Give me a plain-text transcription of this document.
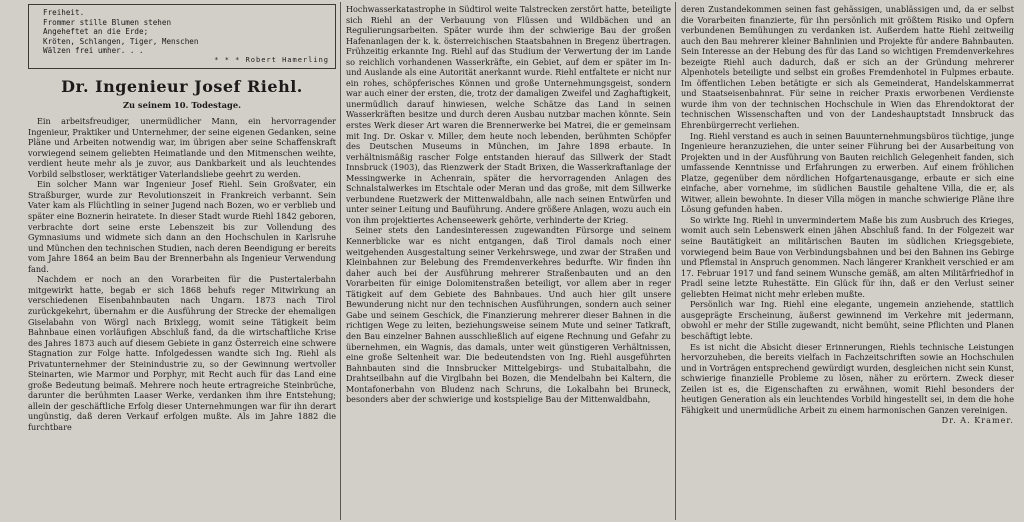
Freiheit.
Frommer stille Blumen stehen
Angeheftet an die Erde;
Kröten, Schlangen, Tiger, Menschen
Wälzen frei umher. . .
* * * Robert Hamerling
Dr. Ingenieur Josef Riehl.
Zu seinem 10. Todestage.

Ein arbeitsfreudiger, unermüdlicher Mann, ein hervorragender Ingenieur, Praktiker und Unternehmer, der seine eigenen Gedanken, seine Pläne und Arbeiten notwendig war, im übrigen aber seine Schaffenskraft vorwiegend seinem geliebten Heimatlande und den Mitmenschen weihte, verdient heute mehr als je zuvor, aus Dankbarkeit und als leuchtendes Vorbild selbstloser, werktätiger Vaterlandsliebe geehrt zu werden.

Ein solcher Mann war Ingenieur Josef Riehl. Sein Großvater, ein Straßburger, wurde zur Revolutionszeit in Frankreich verbannt. Sein Vater kam als Flüchtling in seiner Jugend nach Bozen, wo er verblieb und später eine Boznerin heiratete. In dieser Stadt wurde Riehl 1842 geboren, verbrachte dort seine erste Lebenszeit bis zur Vollendung des Gymnasiums und widmete sich dann an den Hochschulen in Karlsruhe und München den technischen Studien, nach deren Beendigung er bereits vom Jahre 1864 an beim Bau der Brennerbahn als Ingenieur Verwendung fand.

Nachdem er noch an den Vorarbeiten für die Pustertalerbahn mitgewirkt hatte, begab er sich 1868 behufs reger Mitwirkung an verschiedenen Eisenbahnbauten nach Ungarn. 1873 nach Tirol zurückgekehrt, übernahm er die Ausführung der Strecke der ehemaligen Giselabahn von Wörgl nach Brixlegg, womit seine Tätigkeit beim Bahnbaue einen vorläufigen Abschluß fand, da die wirtschaftliche Krise des Jahres 1873 auch auf diesem Gebiete in ganz Österreich eine schwere Stagnation zur Folge hatte. Infolgedessen wandte sich Ing. Riehl als Privatunternehmer der Steinindustrie zu, so der Gewinnung wertvoller Steinarten, wie Marmor und Porphyr, mit Recht auch für das Land eine große Bedeutung beimaß. Mehrere noch heute ertragreiche Steinbrüche, darunter die berühmten Laaser Werke, verdanken ihm ihre Entstehung; allein der geschäftliche Erfolg dieser Unternehmungen war für ihn derart ungünstig, daß deren Verkauf erfolgen mußte. Als im Jahre 1882 die furchtbare

Hochwasserkatastrophe in Südtirol weite Talstrecken zerstört hatte, beteiligte sich Riehl an der Verbauung von Flüssen und Wildbächen und an Regulierungsarbeiten. Später wurde ihm der schwierige Bau der großen Hafenanlagen der k. k. österreichischen Staatsbahnen in Bregenz übertragen. Frühzeitig erkannte Ing. Riehl auf das Studium der Verwertung der im Lande so reichlich vorhandenen Wasserkräfte, ein Gebiet, auf dem er später im In- und Auslande als eine Autorität anerkannt wurde. Riehl entfaltete er nicht nur ein rohes, schöpferisches Können und große Unternehmungsgeist, sondern war auch einer der ersten, die, trotz der damaligen Zweifel und Zaghaftigkeit, unermüdlich darauf hinwiesen, welche Schätze das Land in seinen Wasserkräften besitze und durch deren Ausbau nutzbar machen könnte. Sein erstes Werk dieser Art waren die Brennerwerke bei Matrei, die er gemeinsam mit Ing. Dr. Oskar v. Miller, dem heute noch lebenden, berühmten Schöpfer des Deutschen Museums in München, im Jahre 1898 erbaute. In verhältnismäßig rascher Folge entstanden hierauf das Sillwerk der Stadt Innsbruck (1903), das Rienzwerk der Stadt Brixen, die Wasserkraftanlage der Messingwerke in Achenrain, später die hervorragenden Anlagen des Schnalstalwerkes im Etschtale oder Meran und das große, mit dem Sillwerke verbundene Ruetzwerk der Mittenwaldbahn, alle nach seinen Entwürfen und unter seiner Leitung und Bauführung. Andere größere Anlagen, wozu auch ein von ihm projektiertes Achenseewerk gehörte, verhinderte der Krieg.

Seiner stets den Landesinteressen zugewandten Fürsorge und seinem Kennerblicke war es nicht entgangen, daß Tirol damals noch einer weitgehenden Ausgestaltung seiner Verkehrswege, und zwar der Straßen und Kleinbahnen zur Belebung des Fremdenverkehres bedurfte. Wir finden ihn daher auch bei der Ausführung mehrerer Straßenbauten und an den Vorarbeiten für einige Dolomitenstraßen beteiligt, vor allem aber in reger Tätigkeit auf dem Gebiete des Bahnbaues. Und auch hier gilt unsere Bewunderung nicht nur den technischen Ausführungen, sondern auch seiner Gabe und seinem Geschick, die Finanzierung mehrerer dieser Bahnen in die richtigen Wege zu leiten, beziehungsweise seinem Mute und seiner Tatkraft, den Bau einzelner Bahnen ausschließlich auf eigene Rechnung und Gefahr zu übernehmen, ein Wagnis, das damals, unter weit günstigeren Verhältnissen, eine große Seltenheit war. Die bedeutendsten von Ing. Riehl ausgeführten Bahnbauten sind die Innsbrucker Mittelgebirgs- und Stubaitalbahn, die Drahtseilbahn auf die Virglbahn bei Bozen, die Mendelbahn bei Kaltern, die Montafonerbahn von Bludenz nach Schruns, die Lokalbahn bei Bruneck, besonders aber der schwierige und kostspielige Bau der Mittenwaldbahn,

deren Zustandekommen seinen fast gehässigen, unablässigen und, da er selbst die Vorarbeiten finanzierte, für ihn persönlich mit größtem Risiko und Opfern verbundenen Bemühungen zu verdanken ist. Außerdem hatte Riehl zeitweilig auch den Bau mehrerer kleiner Bahnlinien und Projekte für andere Bahnbauten. Sein Interesse an der Hebung des für das Land so wichtigen Fremdenverkehres bezeigte Riehl auch dadurch, daß er sich an der Gründung mehrerer Alpenhotels beteiligte und selbst ein großes Fremdenhotel in Fulpmes erbaute. Im öffentlichen Leben betätigte er sich als Gemeinderat, Handelskammerrat und Staatseisenbahnrat. Für seine in reicher Praxis erworbenen Verdienste wurde ihm von der technischen Hochschule in Wien das Ehrendoktorat der technischen Wissenschaften und von der Landeshauptstadt Innsbruck das Ehrenbürgerrecht verliehen.

Ing. Riehl verstand es auch in seinen Bauunternehmungsbüros tüchtige, junge Ingenieure heranzuziehen, die unter seiner Führung bei der Ausarbeitung von Projekten und in der Ausführung von Bauten reichlich Gelegenheit fanden, sich umfassende Kenntnisse und Erfahrungen zu erwerben. Auf einem fröhlichen Platze, gegenüber dem nördlichen Hofgartenausgange, erbaute er sich eine einfache, aber vornehme, im südlichen Baustile gehaltene Villa, die er, als Witwer, allein bewohnte. In dieser Villa mögen in manche schwierige Pläne ihre Lösung gefunden haben.

So wirkte Ing. Riehl in unvermindertem Maße bis zum Ausbruch des Krieges, womit auch sein Lebenswerk einen jähen Abschluß fand. In der Folgezeit war seine Bautätigkeit an militärischen Bauten im südlichen Kriegsgebiete, vorwiegend beim Baue von Verbindungsbahnen und bei den Bahnen ins Gebirge und Pflemstal in Anspruch genommen. Nach längerer Krankheit verschied er am 17. Februar 1917 und fand seinem Wunsche gemäß, am alten Militärfriedhof in Pradl seine letzte Ruhestätte. Ein Glück für ihn, daß er den Verlust seiner geliebten Heimat nicht mehr erleben mußte.

Persönlich war Ing. Riehl eine elegante, ungemein anziehende, stattlich ausgeprägte Erscheinung, äußerst gewinnend im Verkehre mit jedermann, obwohl er mehr der Stille zugewandt, nicht bemüht, seine Pflichten und Planen beschäftigt lebte.

Es ist nicht die Absicht dieser Erinnerungen, Riehls technische Leistungen hervorzuheben, die bereits vielfach in Fachzeitschriften sowie an Hochschulen und in Vorträgen entsprechend gewürdigt wurden, desgleichen nicht sein Kunst, schwierige finanzielle Probleme zu lösen, näher zu erörtern. Zweck dieser Zeilen ist es, die Eigenschaften zu erwähnen, womit Riehl besonders der heutigen Generation als ein leuchtendes Vorbild hingestellt sei, in dem die hohe Fähigkeit und unermüdliche Arbeit zu einem harmonischen Ganzen vereinigen.

Dr. A. Kramer.
